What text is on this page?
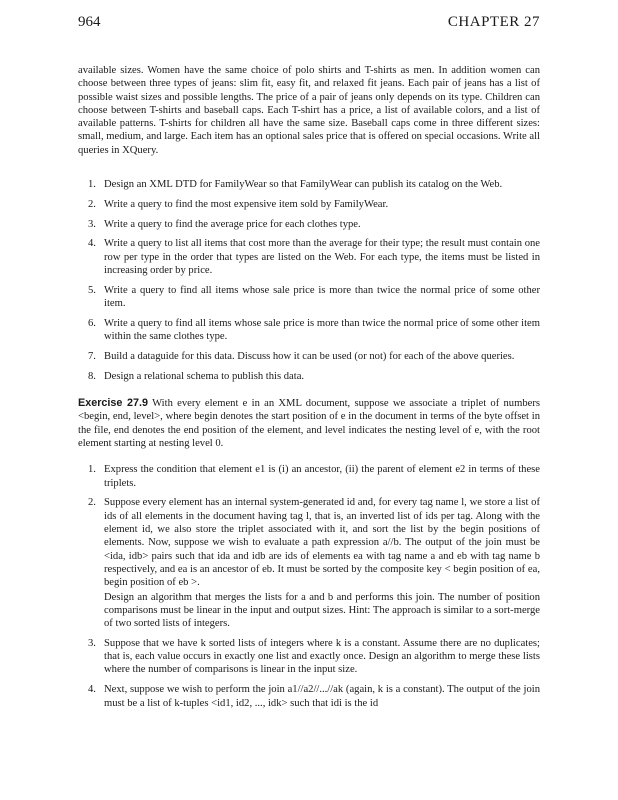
964	CHAPTER 27

available sizes. Women have the same choice of polo shirts and T-shirts as men. In addition women can choose between three types of jeans: slim fit, easy fit, and relaxed fit jeans. Each pair of jeans has a list of possible waist sizes and possible lengths. The price of a pair of jeans only depends on its type. Children can choose between T-shirts and baseball caps. Each T-shirt has a price, a list of available colors, and a list of available patterns. T-shirts for children all have the same size. Baseball caps come in three different sizes: small, medium, and large. Each item has an optional sales price that is offered on special occasions. Write all queries in XQuery.

1. Design an XML DTD for FamilyWear so that FamilyWear can publish its catalog on the Web.
2. Write a query to find the most expensive item sold by FamilyWear.
3. Write a query to find the average price for each clothes type.
4. Write a query to list all items that cost more than the average for their type; the result must contain one row per type in the order that types are listed on the Web. For each type, the items must be listed in increasing order by price.
5. Write a query to find all items whose sale price is more than twice the normal price of some other item.
6. Write a query to find all items whose sale price is more than twice the normal price of some other item within the same clothes type.
7. Build a dataguide for this data. Discuss how it can be used (or not) for each of the above queries.
8. Design a relational schema to publish this data.

Exercise 27.9 With every element e in an XML document, suppose we associate a triplet of numbers <begin, end, level>, where begin denotes the start position of e in the document in terms of the byte offset in the file, end denotes the end position of the element, and level indicates the nesting level of e, with the root element starting at nesting level 0.

1. Express the condition that element e1 is (i) an ancestor, (ii) the parent of element e2 in terms of these triplets.
2. Suppose every element has an internal system-generated id and, for every tag name l, we store a list of ids of all elements in the document having tag l, that is, an inverted list of ids per tag. Along with the element id, we also store the triplet associated with it, and sort the list by the begin positions of elements. Now, suppose we wish to evaluate a path expression a//b. The output of the join must be <ida, idb> pairs such that ida and idb are ids of elements ea with tag name a and eb with tag name b respectively, and ea is an ancestor of eb. It must be sorted by the composite key < begin position of ea, begin position of eb >.

Design an algorithm that merges the lists for a and b and performs this join. The number of position comparisons must be linear in the input and output sizes. Hint: The approach is similar to a sort-merge of two sorted lists of integers.

3. Suppose that we have k sorted lists of integers where k is a constant. Assume there are no duplicates; that is, each value occurs in exactly one list and exactly once. Design an algorithm to merge these lists where the number of comparisons is linear in the input size.
4. Next, suppose we wish to perform the join a1//a2//...//ak (again, k is a constant). The output of the join must be a list of k-tuples <id1, id2, ..., idk> such that idi is the id
